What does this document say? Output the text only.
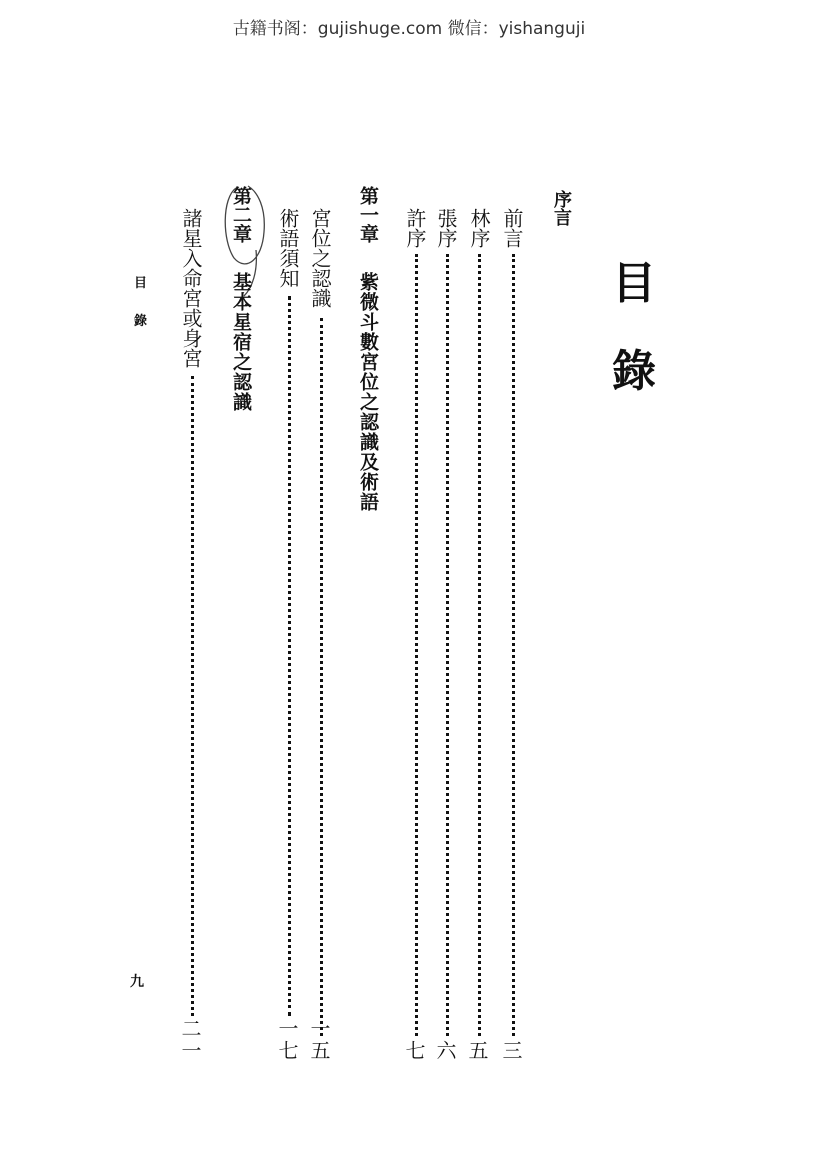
古籍书阁：gujishuge.com 微信：yishanguji
目
錄
序言
前言
三
林序
五
張序
六
許序
七
第一章
紫微斗數宮位之認識及術語
宮位之認識
一五
術語須知
一七
第二章
基本星宿之認識
諸星入命宮或身宮
二一
目
錄
九
